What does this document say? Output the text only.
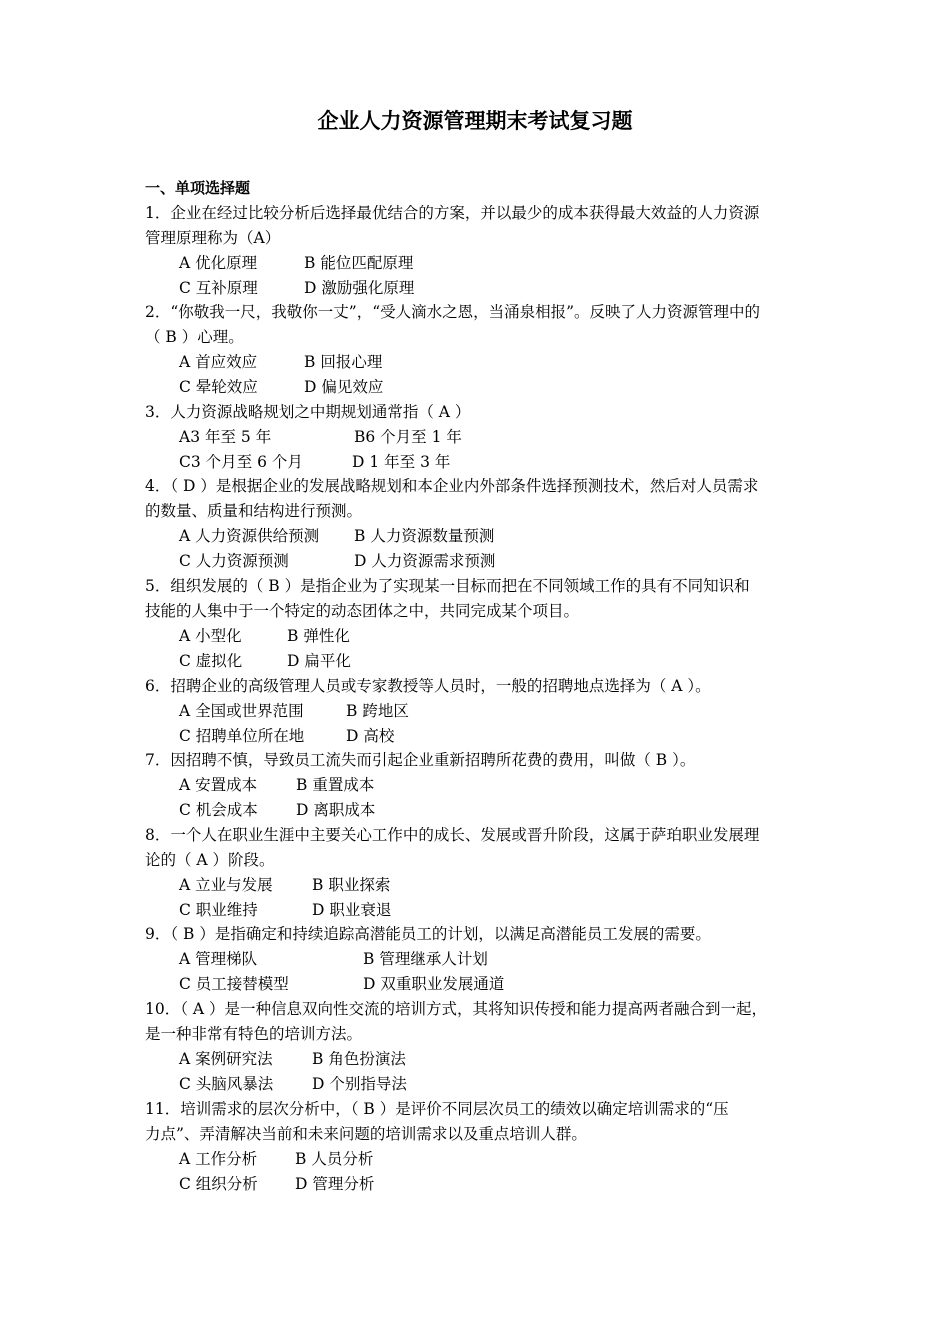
企业人力资源管理期末考试复习题
一、单项选择题
1．企业在经过比较分析后选择最优结合的方案，并以最少的成本获得最大效益的人力资源
管理原理称为（A）
A 优化原理	B 能位匹配原理
C 互补原理	D 激励强化原理
2．“你敬我一尺，我敬你一丈”，“受人滴水之恩，当涌泉相报”。反映了人力资源管理中的
（ B ）心理。
A 首应效应	B 回报心理
C 晕轮效应	D 偏见效应
3．人力资源战略规划之中期规划通常指（ A ）
A3 年至 5 年	B6 个月至 1 年
C3 个月至 6 个月	D 1 年至 3 年
4．（ D ）是根据企业的发展战略规划和本企业内外部条件选择预测技术，然后对人员需求
的数量、质量和结构进行预测。
A 人力资源供给预测 B 人力资源数量预测
C 人力资源预测	D 人力资源需求预测
5．组织发展的（ B ）是指企业为了实现某一目标而把在不同领域工作的具有不同知识和
技能的人集中于一个特定的动态团体之中，共同完成某个项目。
A 小型化	B 弹性化
C 虚拟化	D 扁平化
6．招聘企业的高级管理人员或专家教授等人员时，一般的招聘地点选择为（ A ）。
A 全国或世界范围	B 跨地区
C 招聘单位所在地	D 高校
7．因招聘不慎，导致员工流失而引起企业重新招聘所花费的费用，叫做（ B ）。
A 安置成本	B 重置成本
C 机会成本 D 离职成本
8．一个人在职业生涯中主要关心工作中的成长、发展或晋升阶段，这属于萨珀职业发展理
论的（ A ）阶段。
A 立业与发展	B 职业探索
C 职业维持	D 职业衰退
9．（ B ）是指确定和持续追踪高潜能员工的计划，以满足高潜能员工发展的需要。
A 管理梯队	B 管理继承人计划
C 员工接替模型	D 双重职业发展通道
10．（ A ）是一种信息双向性交流的培训方式，其将知识传授和能力提高两者融合到一起，
是一种非常有特色的培训方法。
A 案例研究法	B 角色扮演法
C 头脑风暴法 D 个别指导法
11．培训需求的层次分析中，（ B ）是评价不同层次员工的绩效以确定培训需求的“压
力点”、弄清解决当前和未来问题的培训需求以及重点培训人群。
A 工作分析 B 人员分析
C 组织分析 D 管理分析
